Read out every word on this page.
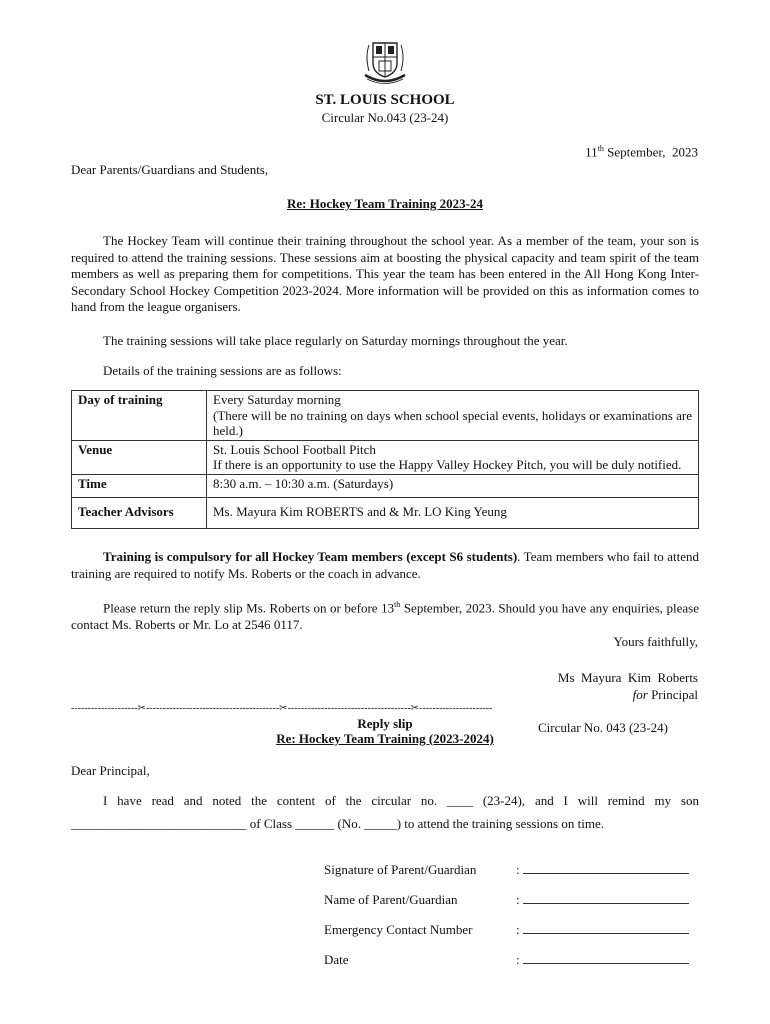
ST. LOUIS SCHOOL
Circular No.043 (23-24)
11th September,  2023
Dear Parents/Guardians and Students,
Re: Hockey Team Training 2023-24

The Hockey Team will continue their training throughout the school year. As a member of the team, your son is required to attend the training sessions. These sessions aim at boosting the physical capacity and team spirit of the team members as well as preparing them for competitions. This year the team has been entered in the All Hong Kong Inter-Secondary School Hockey Competition 2023-2024. More information will be provided on this as information comes to hand from the league organisers.

The training sessions will take place regularly on Saturday mornings throughout the year.

Details of the training sessions are as follows:

Day of training	Every Saturday morning
(There will be no training on days when school special events, holidays or examinations are held.)

Venue	St. Louis School Football Pitch
If there is an opportunity to use the Happy Valley Hockey Pitch, you will be duly notified.

Time	8:30 a.m. – 10:30 a.m. (Saturdays)
Teacher Advisors	Ms. Mayura Kim ROBERTS and & Mr. LO King Yeung

Training is compulsory for all Hockey Team members (except S6 students). Team members who fail to attend training are required to notify Ms. Roberts or the coach in advance.

Please return the reply slip Ms. Roberts on or before 13th September, 2023. Should you have any enquiries, please contact Ms. Roberts or Mr. Lo at 2546 0117.

Yours faithfully,
Ms  Mayura  Kim  Roberts
for Principal
--------------------✂----------------------------------------✂-------------------------------------✂----------------------
Reply slip
Re: Hockey Team Training (2023-2024)
Circular No. 043 (23-24)
Dear Principal,

I have read and noted the content of the circular no. ____ (23-24), and I will remind my son

___________________________ of Class ______ (No. _____) to attend the training sessions on time.

Signature of Parent/Guardian	:
Name of Parent/Guardian	:
Emergency Contact Number	:
Date	:
